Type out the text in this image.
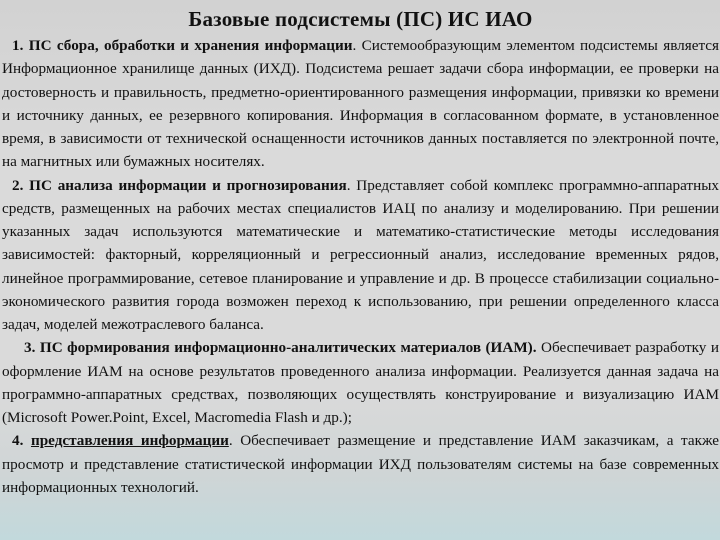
Базовые подсистемы (ПС) ИС ИАО

1. ПС сбора, обработки и хранения информации. Системообразующим элементом подсистемы является Информационное хранилище данных (ИХД). Подсистема решает задачи сбора информации, ее проверки на достоверность и правильность, предметно-ориентированного размещения информации, привязки ко времени и источнику данных, ее резервного копирования. Информация в согласованном формате, в установленное время, в зависимости от технической оснащенности источников данных поставляется по электронной почте, на магнитных или бумажных носителях.

2. ПС анализа информации и прогнозирования. Представляет собой комплекс программно-аппаратных средств, размещенных на рабочих местах специалистов ИАЦ по анализу и моделированию. При решении указанных задач используются математические и математико-статистические методы исследования зависимостей: факторный, корреляционный и регрессионный анализ, исследование временных рядов, линейное программирование, сетевое планирование и управление и др. В процессе стабилизации социально-экономического развития города возможен переход к использованию, при решении определенного класса задач, моделей межотраслевого баланса.

3. ПС формирования информационно-аналитических материалов (ИАМ). Обеспечивает разработку и оформление ИАМ на основе результатов проведенного анализа информации. Реализуется данная задача на программно-аппаратных средствах, позволяющих осуществлять конструирование и визуализацию ИАМ (Microsoft Power.Point, Excel, Macromedia Flash и др.);

4. представления информации. Обеспечивает размещение и представление ИАМ заказчикам, а также просмотр и представление статистической информации ИХД пользователям системы на базе современных информационных технологий.
